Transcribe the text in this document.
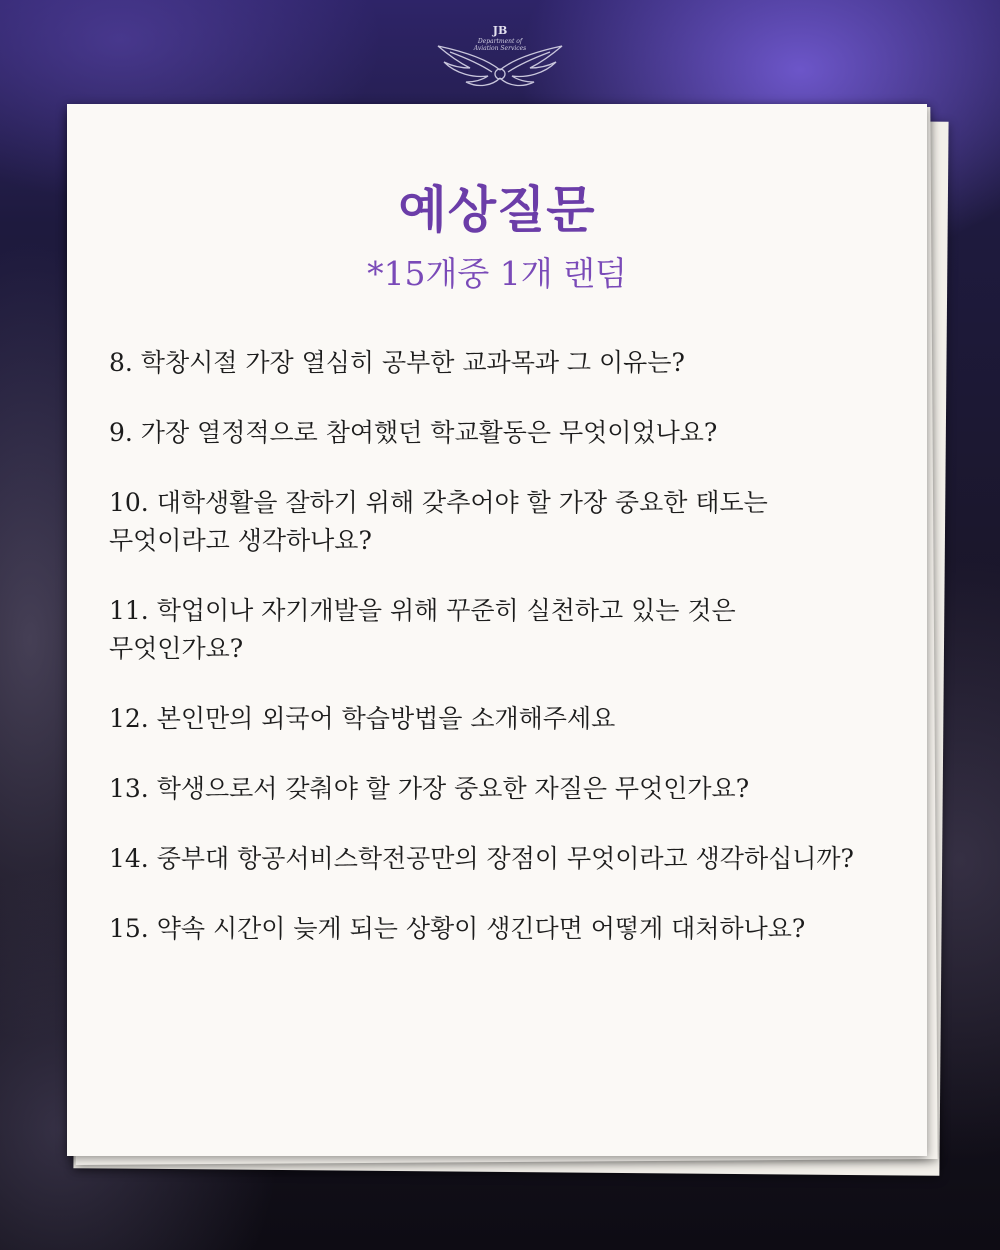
JB
Department of
Aviation Services
예상질문

*15개중 1개 랜덤

8. 학창시절 가장 열심히 공부한 교과목과 그 이유는?
9. 가장 열정적으로 참여했던 학교활동은 무엇이었나요?
10. 대학생활을 잘하기 위해 갖추어야 할 가장 중요한 태도는
무엇이라고 생각하나요?
11. 학업이나 자기개발을 위해 꾸준히 실천하고 있는 것은
무엇인가요?
12. 본인만의 외국어 학습방법을 소개해주세요
13. 학생으로서 갖춰야 할 가장 중요한 자질은 무엇인가요?
14. 중부대 항공서비스학전공만의 장점이 무엇이라고 생각하십니까?
15. 약속 시간이 늦게 되는 상황이 생긴다면 어떻게 대처하나요?
